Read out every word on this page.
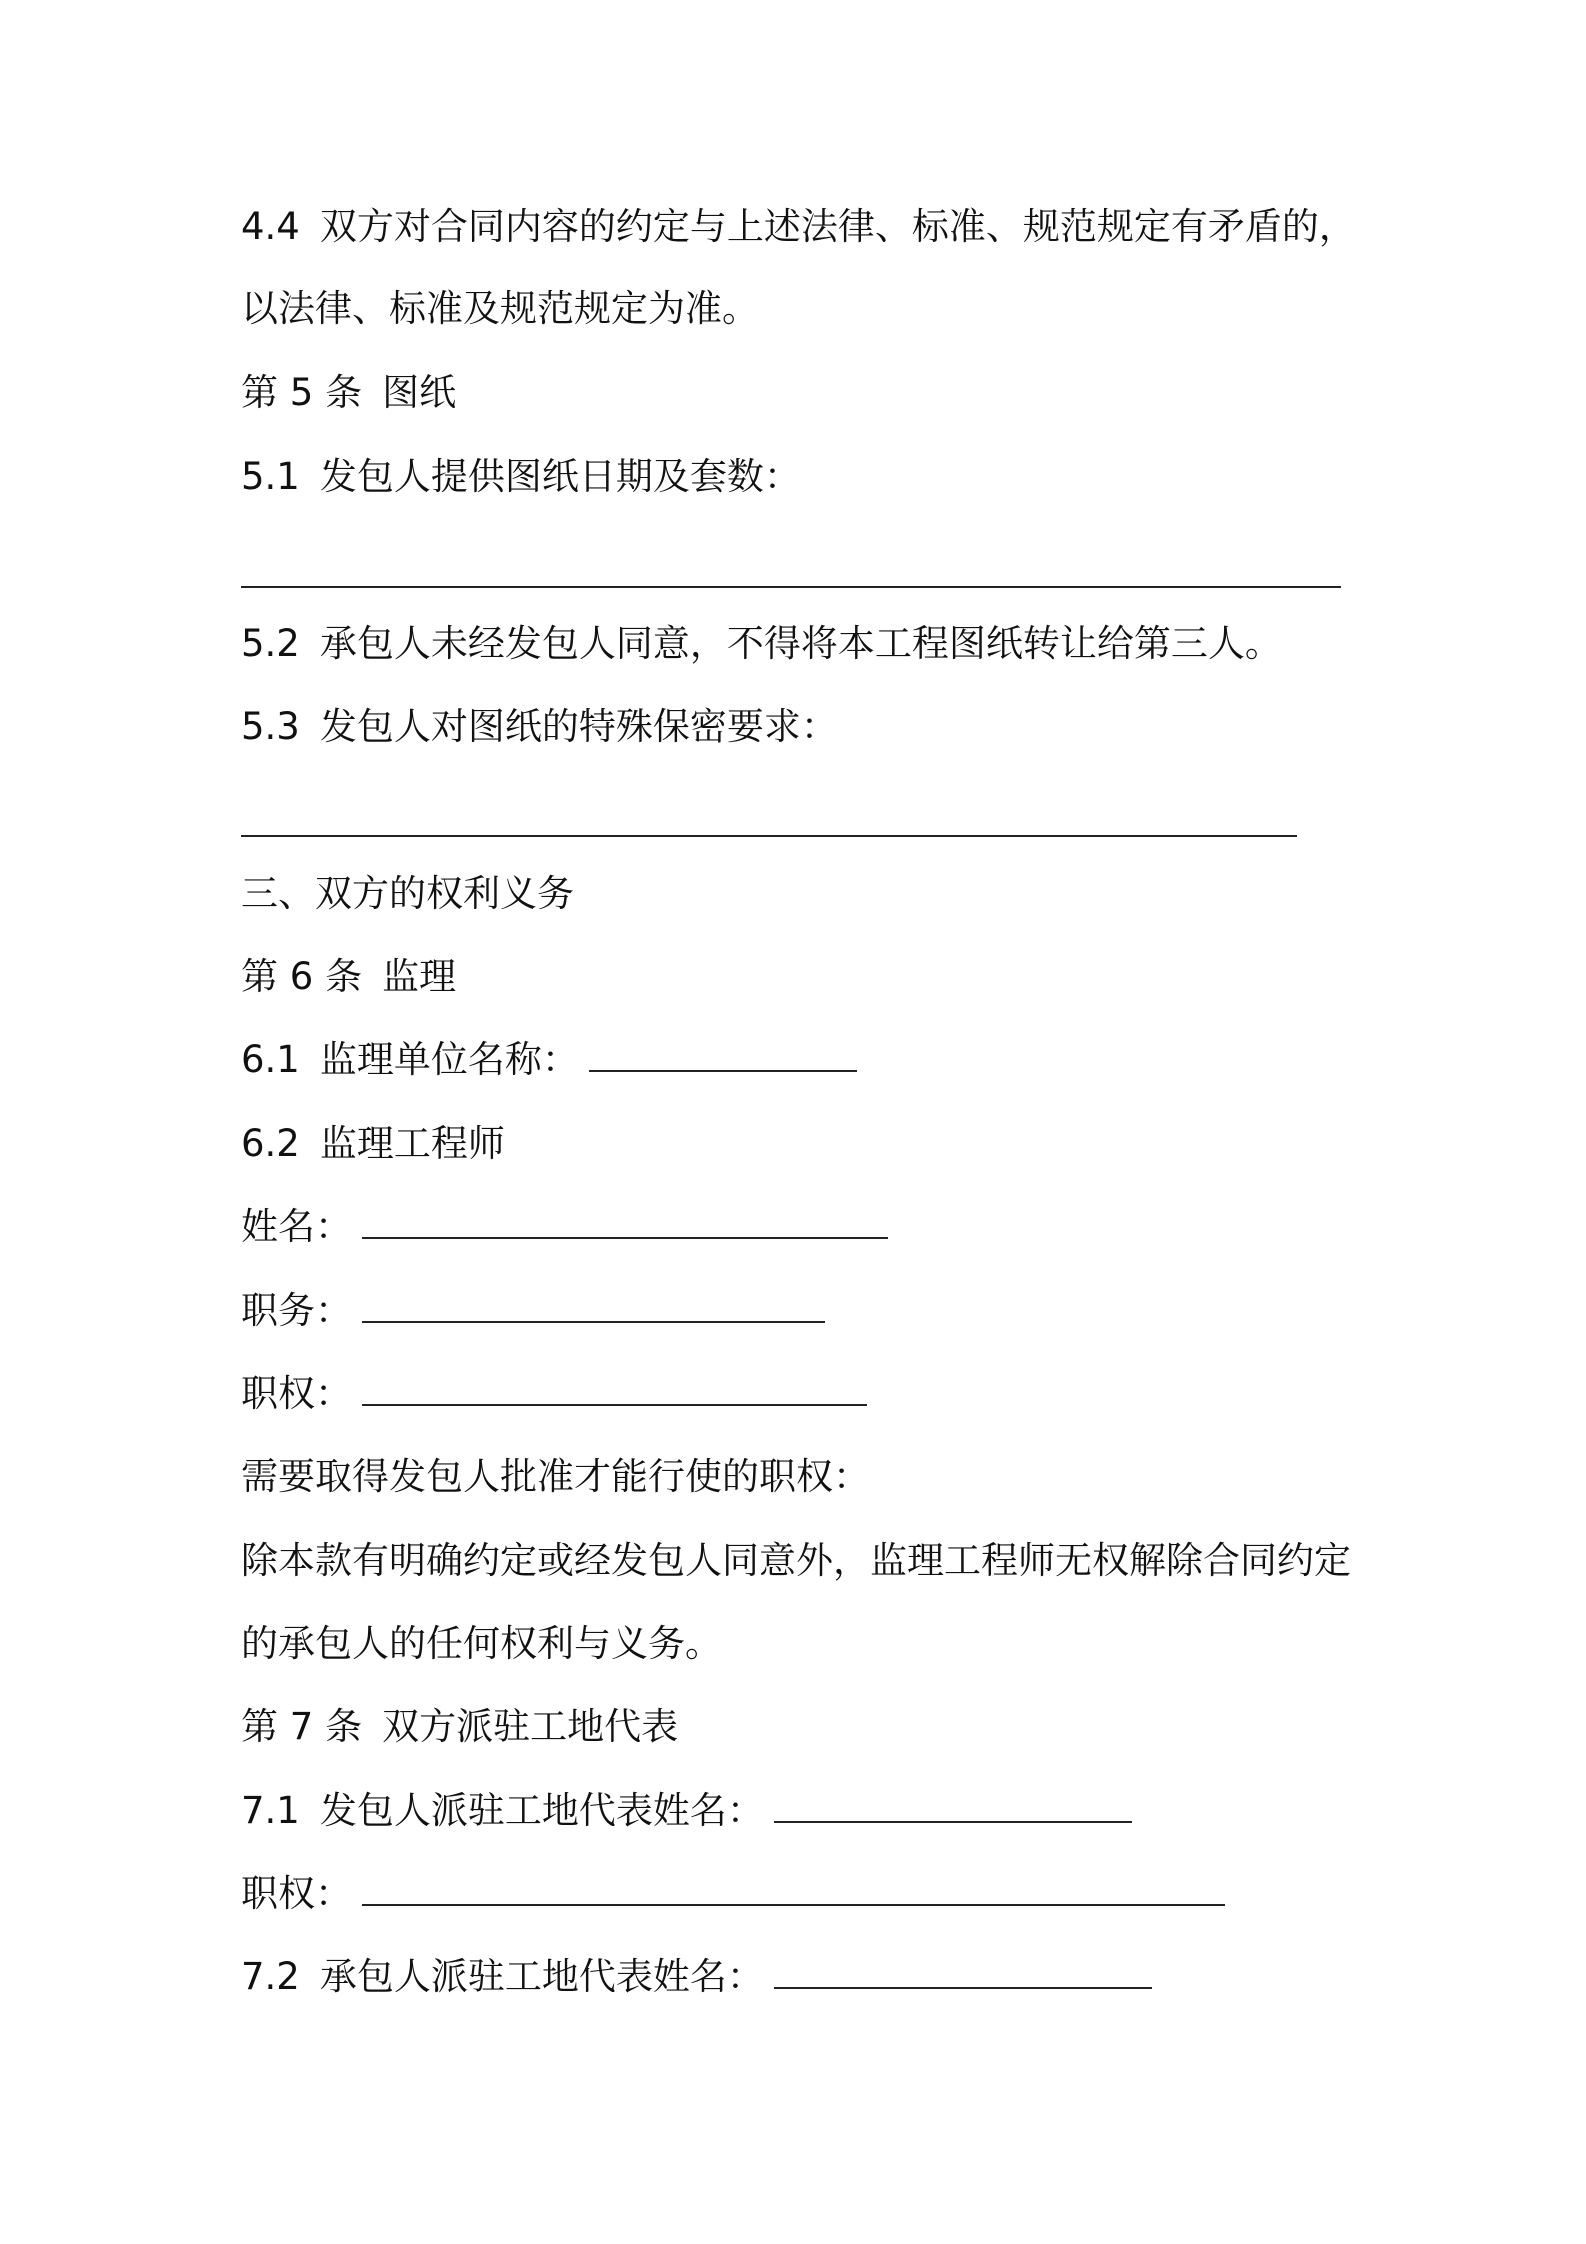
4.4 双方对合同内容的约定与上述法律、标准、规范规定有矛盾的，
以法律、标准及规范规定为准。
第 5 条 图纸
5.1 发包人提供图纸日期及套数：
5.2 承包人未经发包人同意，不得将本工程图纸转让给第三人。
5.3 发包人对图纸的特殊保密要求：
三、双方的权利义务
第 6 条 监理
6.1 监理单位名称：
6.2 监理工程师
姓名：
职务：
职权：
需要取得发包人批准才能行使的职权：
除本款有明确约定或经发包人同意外，监理工程师无权解除合同约定
的承包人的任何权利与义务。
第 7 条 双方派驻工地代表
7.1 发包人派驻工地代表姓名：
职权：
7.2 承包人派驻工地代表姓名：
